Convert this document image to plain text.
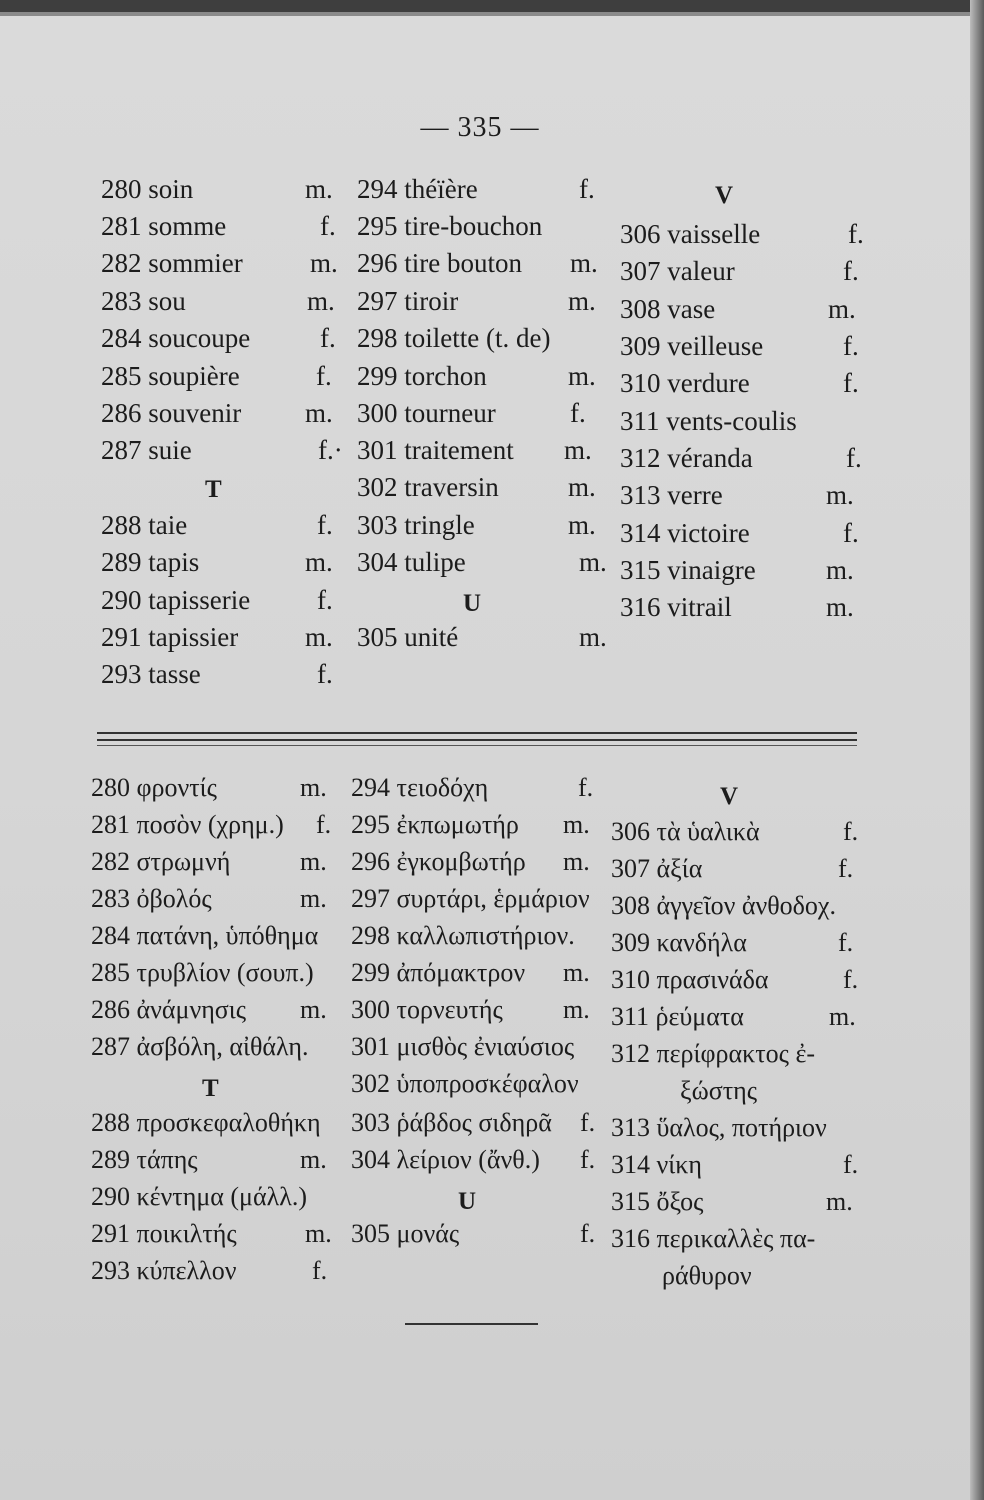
— 335 —
280 soin
281 somme
282 sommier
283 sou
284 soucoupe
285 soupière
286 souvenir
287 suie
T
288 taie
289 tapis
290 tapisserie
291 tapissier
293 tasse
m.
f.
m.
m.
f.
f.
m.
f.·
f.
m.
f.
m.
f.
294 théïère
295 tire-bouchon
296 tire bouton
297 tiroir
298 toilette (t. de)
299 torchon
300 tourneur
301 traitement
302 traversin
303 tringle
304 tulipe
U
305 unité
f.
m.
m.
m.
f.
m.
m.
m.
m.
m.
V
306 vaisselle
307 valeur
308 vase
309 veilleuse
310 verdure
311 vents-coulis
312 véranda
313 verre
314 victoire
315 vinaigre
316 vitrail
f.
f.
m.
f.
f.
f.
m.
f.
m.
m.
280 φροντίς
281 ποσὸν (χρημ.)
282 στρωμνή
283 ὀβολός
284 πατάνη, ὑπόθημα
285 τρυβλίον (σουπ.)
286 ἀνάμνησις
287 ἀσβόλη, αἰθάλη.
T
288 προσκεφαλοθήκη
289 τάπης
290 κέντημα (μάλλ.)
291 ποικιλτής
293 κύπελλον
m.
f.
m.
m.
m.
m.
m.
f.
294 τειοδόχη
295 ἐκπωμωτήρ
296 ἐγκομβωτήρ
297 συρτάρι, ἑρμάριον
298 καλλωπιστήριον.
299 ἀπόμακτρον
300 τορνευτής
301 μισθὸς ἐνιαύσιος
302 ὑποπροσκέφαλον
303 ῥάβδος σιδηρᾶ
304 λείριον (ἄνθ.)
U
305 μονάς
f.
m.
m.
m.
m.
f.
f.
f.
V
306 τὰ ὑαλικὰ
307 ἀξία
308 ἀγγεῖον ἀνθοδοχ.
309 κανδήλα
310 πρασινάδα
311 ῥεύματα
312 περίφρακτος ἐ-
ξώστης
313 ὕαλος, ποτήριον
314 νίκη
315 ὄξος
316 περικαλλὲς πα-
ράθυρον
f.
f.
f.
f.
m.
f.
m.
